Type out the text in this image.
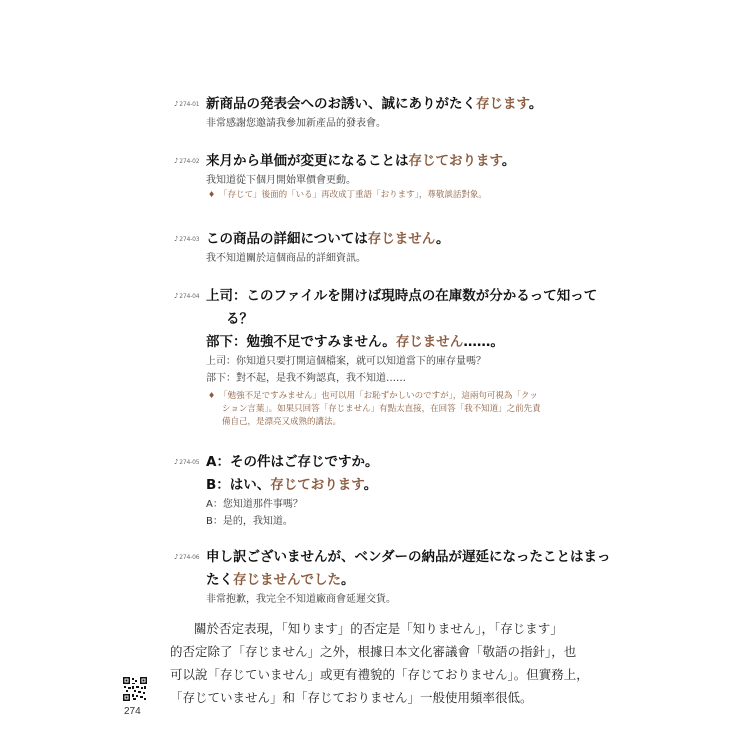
♪274-01 新商品の発表会へのお誘い、誠にありがたく存じます。
非常感謝您邀請我參加新產品的發表會。
♪274-02 来月から単価が変更になることは存じております。
我知道從下個月開始單價會更動。
♦ 「存じて」後面的「いる」再改成丁重語「おります」，尊敬談話對象。
♪274-03 この商品の詳細については存じません。
我不知道關於這個商品的詳細資訊。
♪274-04 上司：このファイルを開けば現時点の在庫数が分かるって知って
る？
部下：勉強不足ですみません。存じません……。
上司：你知道只要打開這個檔案，就可以知道當下的庫存量嗎？
部下：對不起，是我不夠認真，我不知道……
♦ 「勉強不足ですみません」也可以用「お恥ずかしいのですが」，這兩句可視為「クッ
ション言葉」。如果只回答「存じません」有點太直接，在回答「我不知道」之前先責
備自己，是漂亮又成熟的講法。
♪274-05 A：その件はご存じですか。
B：はい、存じております。
A：您知道那件事嗎？
B：是的，我知道。
♪274-06 申し訳ございませんが、ベンダーの納品が遅延になったことはまっ
たく存じませんでした。
非常抱歉，我完全不知道廠商會延遲交貨。
關於否定表現，「知ります」的否定是「知りません」，「存じます」
的否定除了「存じません」之外，根據日本文化審議會「敬語の指針」，也
可以說「存じていません」或更有禮貌的「存じておりません」。但實務上，
「存じていません」和「存じておりません」一般使用頻率很低。
274
